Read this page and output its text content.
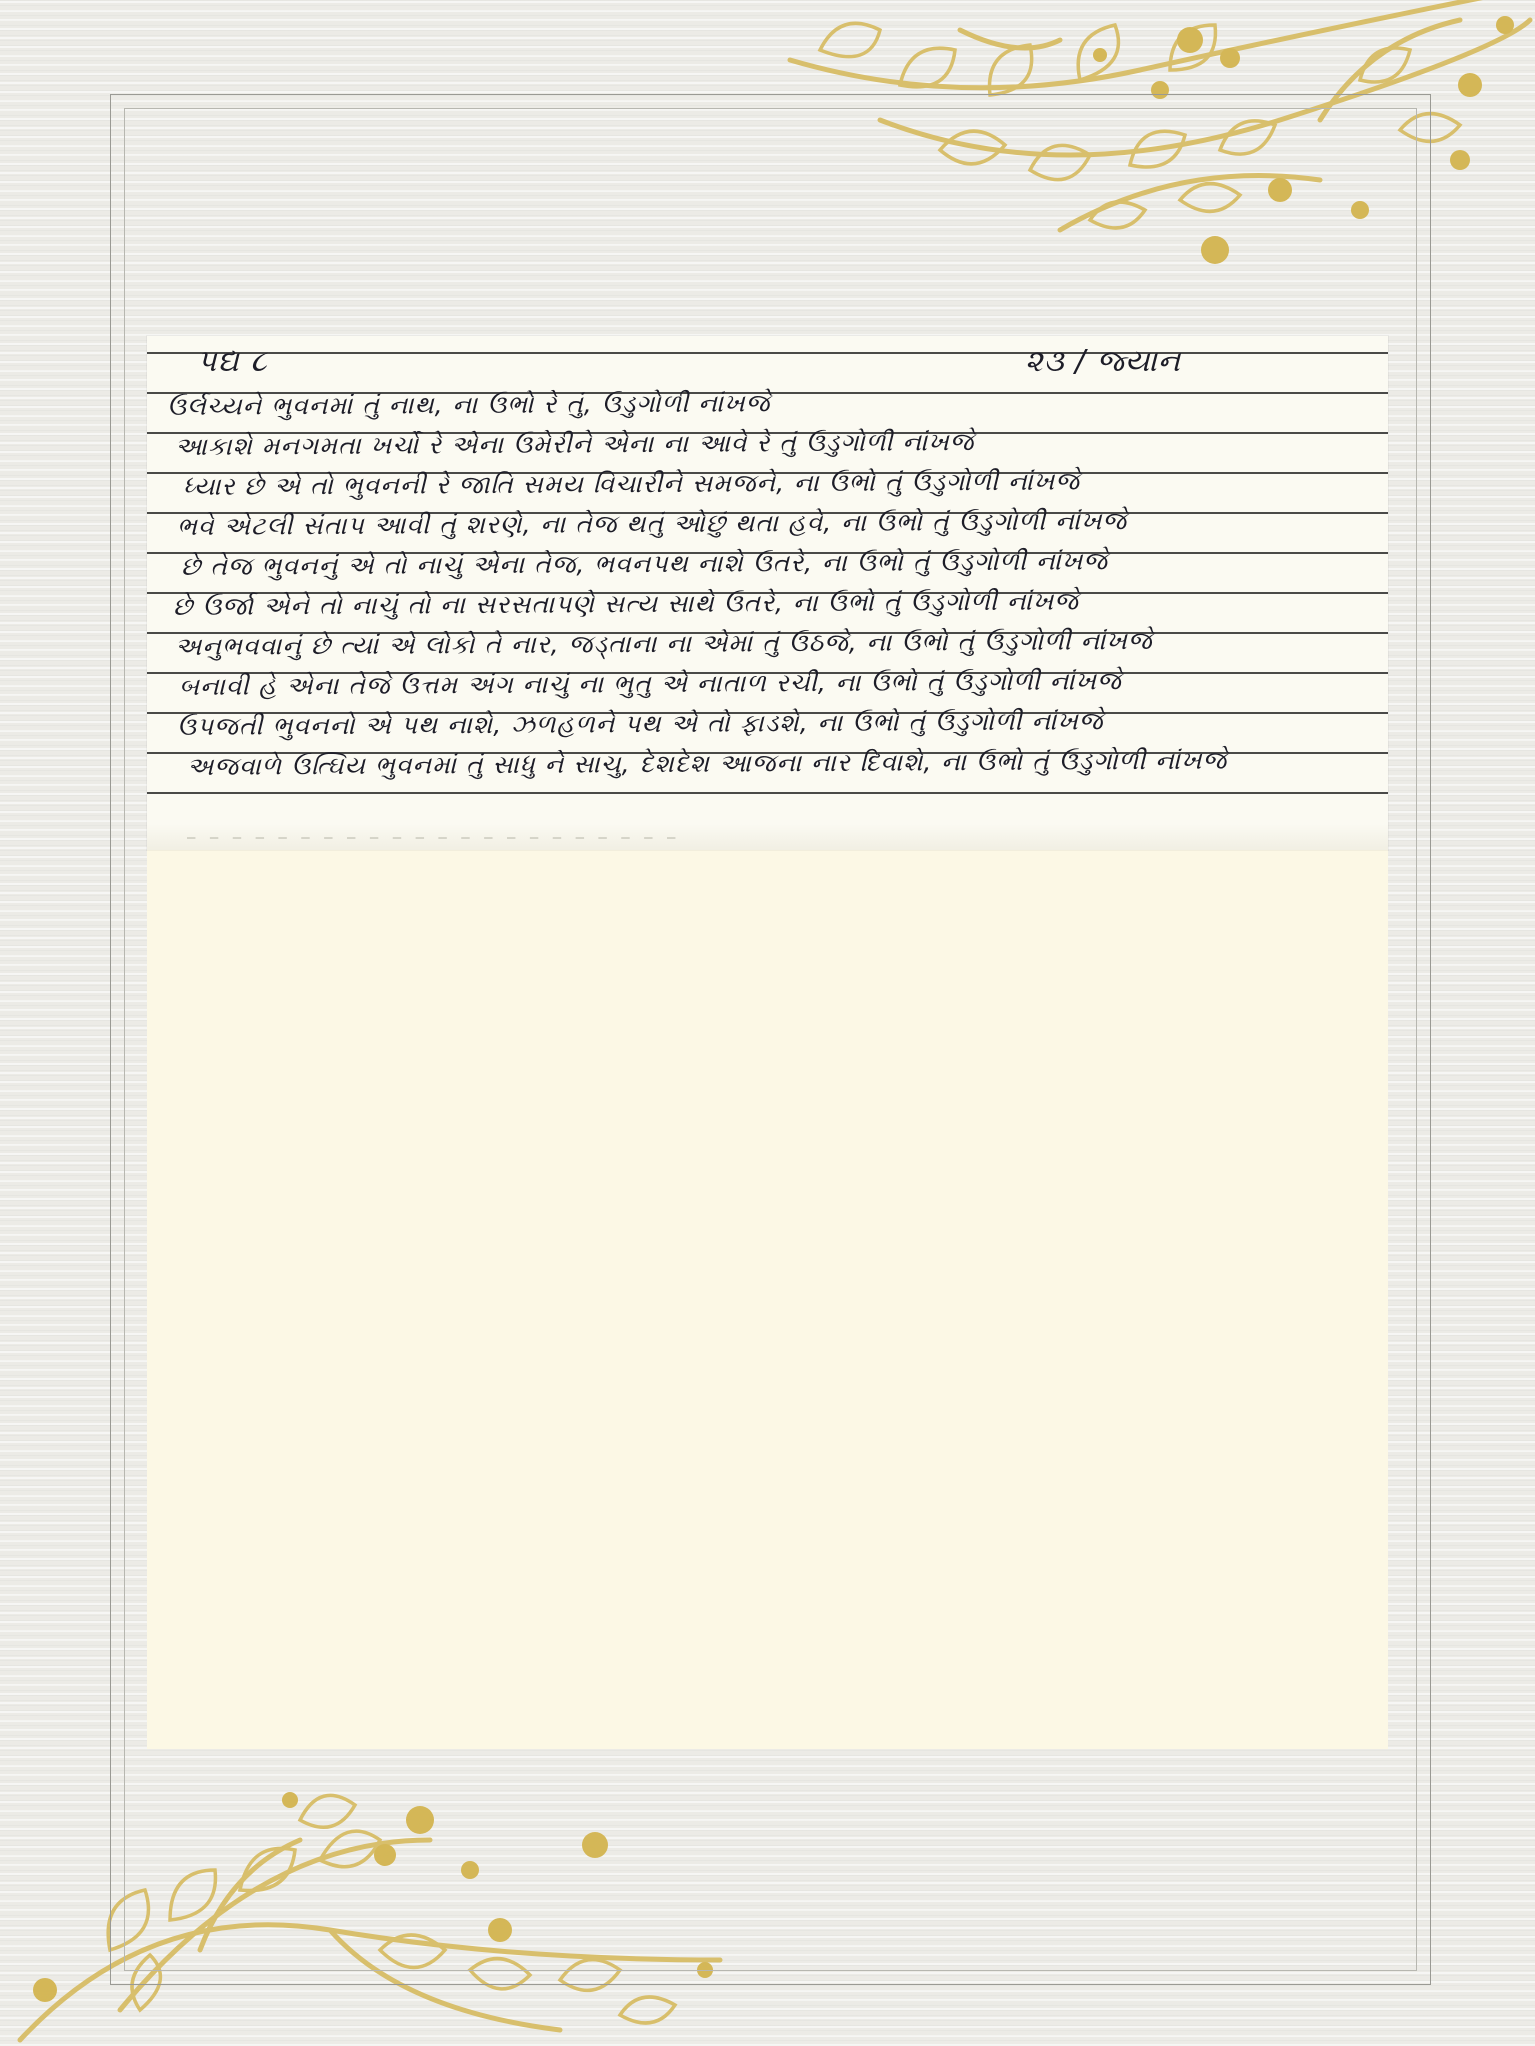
પદ્ય ૮	૨૩ / જ્યાન
ઉર્લચ્યને ભુવનમાં તું નાથ, ના ઉભો રે તું, ઉડુગોળી નાંખજે
આકાશે મનગમતા ખર્ચો રે એના ઉમેરીને એના ના આવે રે તું ઉડુગોળી નાંખજે
ધ્યાર છે એ તો ભુવનની રે જાતિ સમય વિચારીને સમજને, ના ઉભો તું ઉડુગોળી નાંખજે
ભવે એટલી સંતાપ આવી તું શરણે, ના તેજ થતું ઓછું થતા હવે, ના ઉભો તું ઉડુગોળી નાંખજે
છે તેજ ભુવનનું એ તો નાચું એના તેજ, ભવનપથ નાશે ઉતરે, ના ઉભો તું ઉડુગોળી નાંખજે
છે ઉર્જા એને તો નાચું તો ના સરસતાપણે સત્ય સાથે ઉતરે, ના ઉભો તું ઉડુગોળી નાંખજે
અનુભવવાનું છે ત્યાં એ લોકો તે નાર, જડ્તાના ના એમાં તું ઉઠજે, ના ઉભો તું ઉડુગોળી નાંખજે
બનાવી હે એના તેજે ઉત્તમ અંગ નાચું ના ભુતુ એ નાતાળ રચી, ના ઉભો તું ઉડુગોળી નાંખજે
ઉપજતી ભુવનનો એ પથ નાશે, ઝળહળને પથ એ તો ફાડશે, ના ઉભો તું ઉડુગોળી નાંખજે
અજવાળે ઉત્ઘિય ભુવનમાં તું સાધુ ને સાચુ, દેશદેશ આજના નાર દિવાશે, ના ઉભો તું ઉડુગોળી નાંખજે
— — — — — — — — — — — — — — — — — — — — — —
